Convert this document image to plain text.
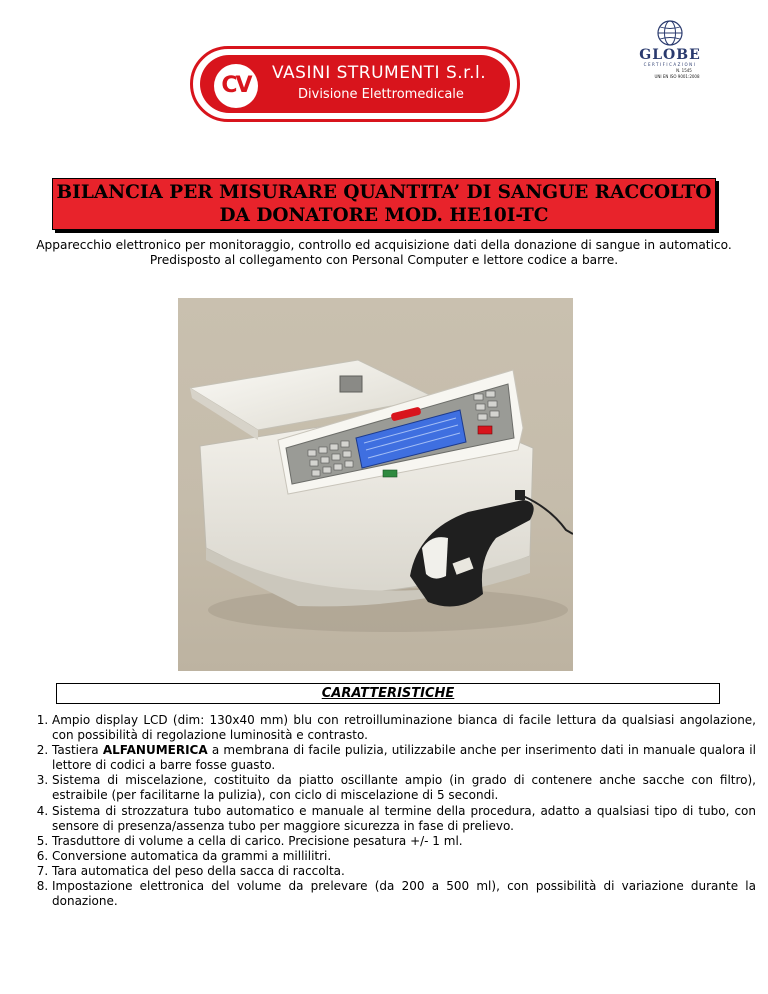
CV	VASINI STRUMENTI S.r.l.
Divisione Elettromedicale
GLOBE
CERTIFICAZIONI
N. 1545
UNI EN ISO 9001:2008

BILANCIA PER MISURARE QUANTITA’ DI SANGUE RACCOLTO
DA DONATORE MOD. HE10I-TC

Apparecchio elettronico per monitoraggio, controllo ed acquisizione dati della donazione di sangue in automatico.
Predisposto al collegamento con Personal Computer e lettore codice a barre.
CARATTERISTICHE
1. Ampio display LCD (dim: 130x40 mm) blu con retroilluminazione bianca di facile lettura da qualsiasi angolazione, con possibilità di regolazione luminosità e contrasto.
2. Tastiera ALFANUMERICA a membrana di facile pulizia, utilizzabile anche per inserimento dati in manuale qualora il lettore di codici a barre fosse guasto.
3. Sistema di miscelazione, costituito da piatto oscillante ampio (in grado di contenere anche sacche con filtro), estraibile (per facilitarne la pulizia), con ciclo di miscelazione di 5 secondi.
4. Sistema di strozzatura tubo automatico e manuale al termine della procedura, adatto a qualsiasi tipo di tubo, con sensore di presenza/assenza tubo per maggiore sicurezza in fase di prelievo.
5. Trasduttore di volume a cella di carico. Precisione pesatura +/- 1 ml.
6. Conversione automatica da grammi a millilitri.
7. Tara automatica del peso della sacca di raccolta.
8. Impostazione elettronica del volume da prelevare (da 200 a 500 ml), con possibilità di variazione durante la donazione.
